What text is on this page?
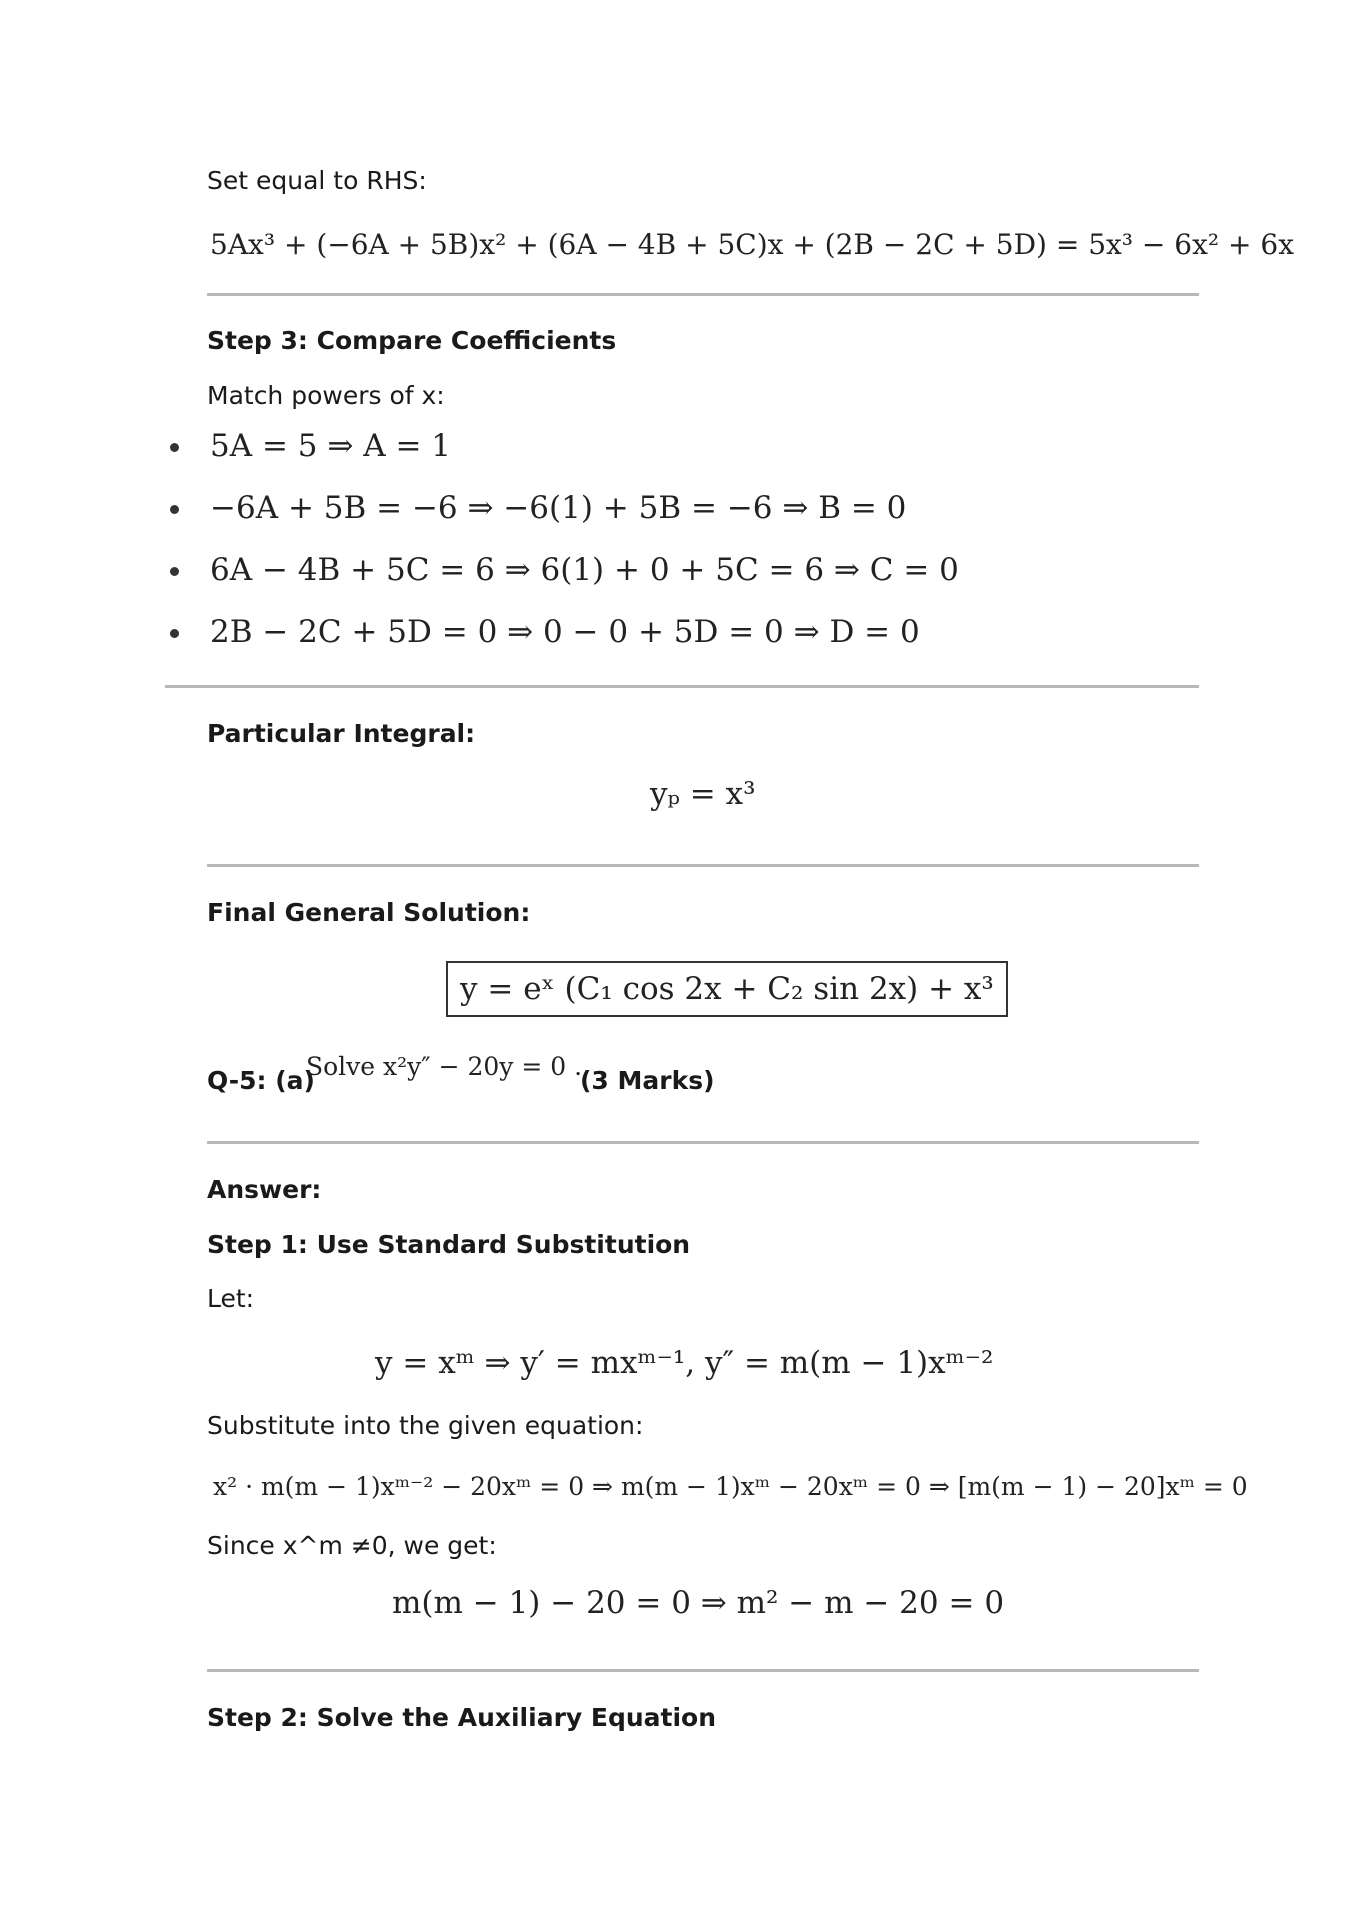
Set equal to RHS:
5Ax³ + (−6A + 5B)x² + (6A − 4B + 5C)x + (2B − 2C + 5D) = 5x³ − 6x² + 6x
Step 3: Compare Coefficients
Match powers of x:
5A = 5 ⇒ A = 1
−6A + 5B = −6 ⇒ −6(1) + 5B = −6 ⇒ B = 0
6A − 4B + 5C = 6 ⇒ 6(1) + 0 + 5C = 6 ⇒ C = 0
2B − 2C + 5D = 0 ⇒ 0 − 0 + 5D = 0 ⇒ D = 0
Particular Integral:
yₚ = x³
Final General Solution:
y = eˣ (C₁ cos 2x + C₂ sin 2x) + x³
Q-5: (a)
Solve x²y″ − 20y = 0 .
(3 Marks)
Answer:
Step 1: Use Standard Substitution
Let:
y = xᵐ ⇒ y′ = mxᵐ⁻¹, y″ = m(m − 1)xᵐ⁻²
Substitute into the given equation:
x² · m(m − 1)xᵐ⁻² − 20xᵐ = 0 ⇒ m(m − 1)xᵐ − 20xᵐ = 0 ⇒ [m(m − 1) − 20]xᵐ = 0
Since x^m ≠0, we get:
m(m − 1) − 20 = 0 ⇒ m² − m − 20 = 0
Step 2: Solve the Auxiliary Equation
